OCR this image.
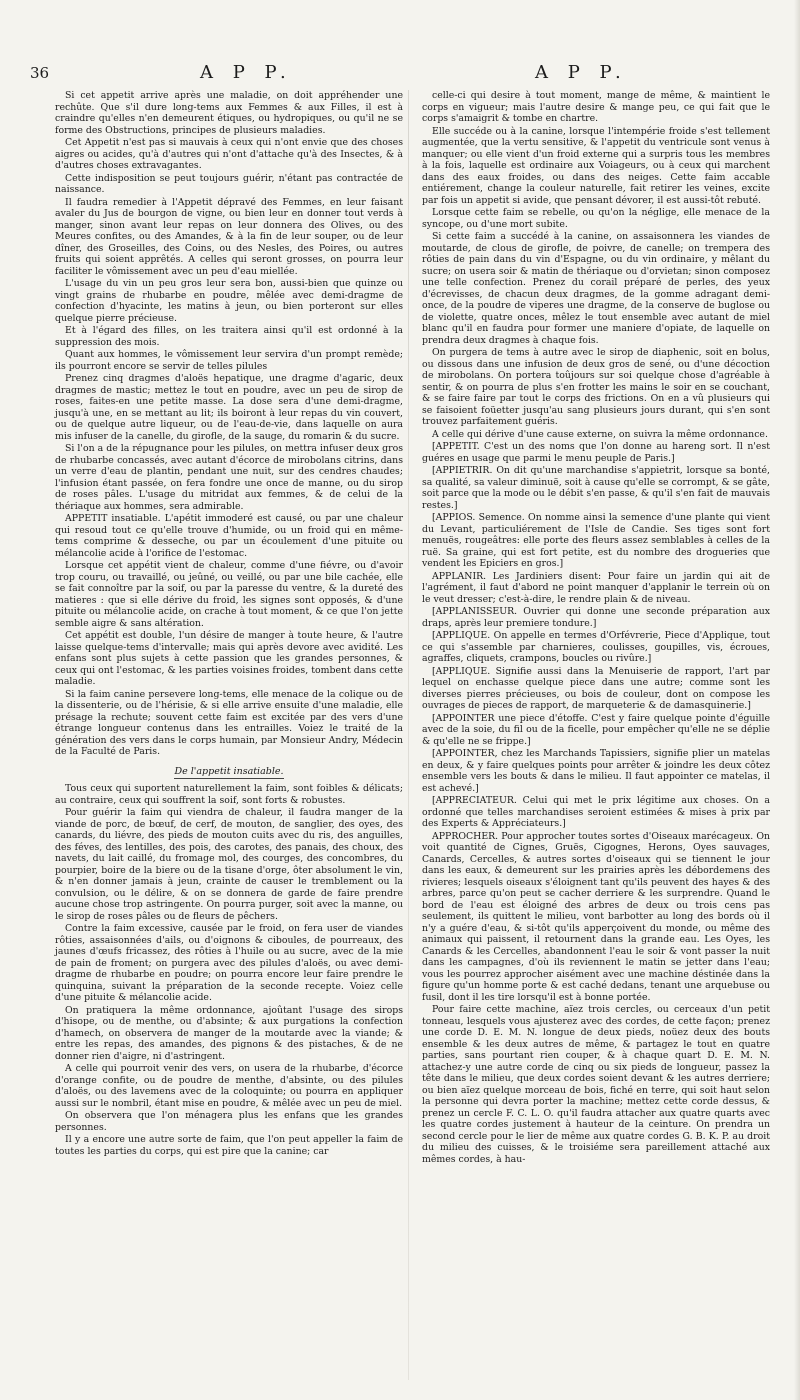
36	A P P.	A P P.

Si cet appetit arrive après une maladie, on doit appréhender une rechûte. Que s'il dure long-tems aux Femmes & aux Filles, il est à craindre qu'elles n'en demeurent étiques, ou hydropiques, ou qu'il ne se forme des Obstructions, principes de plusieurs maladies.

Cet Appetit n'est pas si mauvais à ceux qui n'ont envie que des choses aigres ou acides, qu'à d'autres qui n'ont d'attache qu'à des Insectes, & à d'autres choses extravagantes.

Cette indisposition se peut toujours guérir, n'étant pas contractée de naissance.

Il faudra remedier à l'Appetit dépravé des Femmes, en leur faisant avaler du Jus de bourgon de vigne, ou bien leur en donner tout verds à manger, sinon avant leur repas on leur donnera des Olives, ou des Meures confites, ou des Amandes, & à la fin de leur souper, ou de leur dîner, des Groseilles, des Coins, ou des Nesles, des Poires, ou autres fruits qui soient apprêtés. A celles qui seront grosses, on pourra leur faciliter le vômissement avec un peu d'eau miellée.

L'usage du vin un peu gros leur sera bon, aussi-bien que quinze ou vingt grains de rhubarbe en poudre, mêlée avec demi-dragme de confection d'hyacinte, les matins à jeun, ou bien porteront sur elles quelque pierre précieuse.

Et à l'égard des filles, on les traitera ainsi qu'il est ordonné à la suppression des mois.

Quant aux hommes, le vômissement leur servira d'un prompt remède; ils pourront encore se servir de telles pilules

Prenez cinq dragmes d'aloës hepatique, une dragme d'agaric, deux dragmes de mastic; mettez le tout en poudre, avec un peu de sirop de roses, faites-en une petite masse. La dose sera d'une demi-dragme, jusqu'à une, en se mettant au lit; ils boiront à leur repas du vin couvert, ou de quelque autre liqueur, ou de l'eau-de-vie, dans laquelle on aura mis infuser de la canelle, du girofle, de la sauge, du romarin & du sucre.

Si l'on a de la répugnance pour les pilules, on mettra infuser deux gros de rhubarbe concassés, avec autant d'écorce de mirobolans citrins, dans un verre d'eau de plantin, pendant une nuit, sur des cendres chaudes; l'infusion étant passée, on fera fondre une once de manne, ou du sirop de roses pâles. L'usage du mitridat aux femmes, & de celui de la thériaque aux hommes, sera admirable.

APPETIT insatiable. L'apétit immoderé est causé, ou par une chaleur qui resoud tout ce qu'elle trouve d'humide, ou un froid qui en même-tems comprime & desseche, ou par un écoulement d'une pituite ou mélancolie acide à l'orifice de l'estomac.

Lorsque cet appétit vient de chaleur, comme d'une fiévre, ou d'avoir trop couru, ou travaillé, ou jeûné, ou veillé, ou par une bile cachée, elle se fait connoître par la soif, ou par la paresse du ventre, & la dureté des matieres : que si elle dérive du froid, les signes sont opposés, & d'une pituite ou mélancolie acide, on crache à tout moment, & ce que l'on jette semble aigre & sans altération.

Cet appétit est double, l'un désire de manger à toute heure, & l'autre laisse quelque-tems d'intervalle; mais qui après devore avec avidité. Les enfans sont plus sujets à cette passion que les grandes personnes, & ceux qui ont l'estomac, & les parties voisines froides, tombent dans cette maladie.

Si la faim canine perseverе long-tems, elle menace de la colique ou de la dissenterie, ou de l'hérisie, & si elle arrive ensuite d'une maladie, elle présage la rechute; souvent cette faim est excitée par des vers d'une étrange longueur contenus dans les entrailles. Voiez le traité de la génération des vers dans le corps humain, par Monsieur Andry, Médecin de la Faculté de Paris.

De l'appetit insatiable.

Tous ceux qui suportent naturellement la faim, sont foibles & délicats; au contraire, ceux qui souffrent la soif, sont forts & robustes.

Pour guérir la faim qui viendra de chaleur, il faudra manger de la viande de porc, de bœuf, de cerf, de mouton, de sanglier, des oyes, des canards, du liévre, des pieds de mouton cuits avec du ris, des anguilles, des féves, des lentilles, des pois, des carotes, des panais, des choux, des navets, du lait caillé, du fromage mol, des courges, des concombres, du pourpier, boire de la biere ou de la tisane d'orge, ôter absolument le vin, & n'en donner jamais à jeun, crainte de causer le tremblement ou la convulsion, ou le délire, & on se donnera de garde de faire prendre aucune chose trop astringente. On pourra purger, soit avec la manne, ou le sirop de roses pâles ou de fleurs de pêchers.

Contre la faim excessive, causée par le froid, on fera user de viandes rôties, assaisonnées d'ails, ou d'oignons & ciboules, de pourreaux, des jaunes d'œufs fricassez, des rôties à l'huile ou au sucre, avec de la mie de pain de froment; on purgera avec des pilules d'aloës, ou avec demi-dragme de rhubarbe en poudre; on pourra encore leur faire prendre le quinquina, suivant la préparation de la seconde recepte. Voiez celle d'une pituite & mélancolie acide.

On pratiquera la même ordonnance, ajoûtant l'usage des sirops d'hisope, ou de menthe, ou d'absinte; & aux purgations la confection d'hamech, on observera de manger de la moutarde avec la viande; & entre les repas, des amandes, des pignons & des pistaches, & de ne donner rien d'aigre, ni d'astringent.

A celle qui pourroit venir des vers, on usera de la rhubarbe, d'écorce d'orange confite, ou de poudre de menthe, d'absinte, ou des pilules d'aloës, ou des lavemens avec de la coloquinte; ou pourra en appliquer aussi sur le nombril, étant mise en poudre, & mêlée avec un peu de miel.

On observera que l'on ménagera plus les enfans que les grandes personnes.

Il y a encore une autre sorte de faim, que l'on peut appeller la faim de toutes les parties du corps, qui est pire que la canine; car

celle-ci qui desire à tout moment, mange de même, & maintient le corps en vigueur; mais l'autre desire & mange peu, ce qui fait que le corps s'amaigrit & tombe en chartre.

Elle succéde ou à la canine, lorsque l'intempérie froide s'est tellement augmentée, que la vertu sensitive, & l'appetit du ventricule sont venus à manquer; ou elle vient d'un froid externe qui a surpris tous les membres à la fois, laquelle est ordinaire aux Voiageurs, ou à ceux qui marchent dans des eaux froides, ou dans des neiges. Cette faim accable entiérement, change la couleur naturelle, fait retirer les veines, excite par fois un appetit si avide, que pensant dévorer, il est aussi-tôt rebuté.

Lorsque cette faim se rebelle, ou qu'on la néglige, elle menace de la syncope, ou d'une mort subite.

Si cette faim a succédé à la canine, on assaisonnera les viandes de moutarde, de clous de girofle, de poivre, de canelle; on trempera des rôties de pain dans du vin d'Espagne, ou du vin ordinaire, y mêlant du sucre; on usera soir & matin de thériaque ou d'orvietan; sinon composez une telle confection. Prenez du corail préparé de perles, des yeux d'écrevisses, de chacun deux dragmes, de la gomme adragant demi-once, de la poudre de viperes une dragme, de la conserve de buglose ou de violette, quatre onces, mêlez le tout ensemble avec autant de miel blanc qu'il en faudra pour former une maniere d'opiate, de laquelle on prendra deux dragmes à chaque fois.

On purgera de tems à autre avec le sirop de diaphenic, soit en bolus, ou dissous dans une infusion de deux gros de sené, ou d'une décoction de mirobolans. On portera toûjours sur soi quelque chose d'agréable à sentir, & on pourra de plus s'en frotter les mains le soir en se couchant, & se faire faire par tout le corps des frictions. On en a vû plusieurs qui se faisoient foüetter jusqu'au sang plusieurs jours durant, qui s'en sont trouvez parfaitement guéris.

A celle qui dérive d'une cause externe, on suivra la même ordonnance.

[APPETIT. C'est un des noms que l'on donne au hareng sort. Il n'est guéres en usage que parmi le menu peuple de Paris.]

[APPIETRIR. On dit qu'une marchandise s'appietrit, lorsque sa bonté, sa qualité, sa valeur diminuë, soit à cause qu'elle se corrompt, & se gâte, soit parce que la mode ou le débit s'en passe, & qu'il s'en fait de mauvais restes.]

[APPIOS. Semence. On nomme ainsi la semence d'une plante qui vient du Levant, particuliérement de l'Isle de Candie. Ses tiges sont fort menuës, rougeâtres: elle porte des fleurs assez semblables à celles de la ruë. Sa graine, qui est fort petite, est du nombre des drogueries que vendent les Epiciers en gros.]

APPLANIR. Les Jardiniers disent: Pour faire un jardin qui ait de l'agrément, il faut d'abord ne point manquer d'applanir le terrein où on le veut dresser; c'est-à-dire, le rendre plain & de niveau.

[APPLANISSEUR. Ouvrier qui donne une seconde préparation aux draps, après leur premiere tondure.]

[APPLIQUE. On appelle en termes d'Orfévrerie, Piece d'Applique, tout ce qui s'assemble par charnieres, coulisses, goupilles, vis, écroues, agraffes, cliquets, crampons, boucles ou rivûre.]

[APPLIQUE. Signifie aussi dans la Menuiserie de rapport, l'art par lequel on enchasse quelque piece dans une autre; comme sont les diverses pierres précieuses, ou bois de couleur, dont on compose les ouvrages de pieces de rapport, de marqueterie & de damasquinerie.]

[APPOINTER une piece d'étoffe. C'est y faire quelque pointe d'éguille avec de la soie, du fil ou de la ficelle, pour empêcher qu'elle ne se déplie & qu'elle ne se frippe.]

[APPOINTER, chez les Marchands Tapissiers, signifie plier un matelas en deux, & y faire quelques points pour arrêter & joindre les deux côtez ensemble vers les bouts & dans le milieu. Il faut appointer ce matelas, il est achevé.]

[APPRECIATEUR. Celui qui met le prix légitime aux choses. On a ordonné que telles marchandises seroient estimées & mises à prix par des Experts & Appréciateurs.]

APPROCHER. Pour approcher toutes sortes d'Oiseaux marécageux. On voit quantité de Cignes, Gruës, Cigognes, Herons, Oyes sauvages, Canards, Cercelles, & autres sortes d'oiseaux qui se tiennent le jour dans les eaux, & demeurent sur les prairies après les débordemens des rivieres; lesquels oiseaux s'éloignent tant qu'ils peuvent des hayes & des arbres, parce qu'on peut se cacher derriere & les surprendre. Quand le bord de l'eau est éloigné des arbres de deux ou trois cens pas seulement, ils quittent le milieu, vont barbotter au long des bords où il n'y a guére d'eau, & si-tôt qu'ils apperçoivent du monde, ou même des animaux qui paissent, il retournent dans la grande eau. Les Oyes, les Canards & les Cercelles, abandonnent l'eau le soir & vont passer la nuit dans les campagnes, d'où ils reviennent le matin se jetter dans l'eau; vous les pourrez approcher aisément avec une machine déstinée dans la figure qu'un homme porte & est caché dedans, tenant une arquebuse ou fusil, dont il les tire lorsqu'il est à bonne portée.

Pour faire cette machine, aïez trois cercles, ou cerceaux d'un petit tonneau, lesquels vous ajusterez avec des cordes, de cette façon; prenez une corde D. E. M. N. longue de deux pieds, noüez deux des bouts ensemble & les deux autres de même, & partagez le tout en quatre parties, sans pourtant rien couper, & à chaque quart D. E. M. N. attachez-y une autre corde de cinq ou six pieds de longueur, passez la tête dans le milieu, que deux cordes soient devant & les autres derriere; ou bien aïez quelque morceau de bois, fiché en terre, qui soit haut selon la personne qui devra porter la machine; mettez cette corde dessus, & prenez un cercle F. C. L. O. qu'il faudra attacher aux quatre quarts avec les quatre cordes justement à hauteur de la ceinture. On prendra un second cercle pour le lier de même aux quatre cordes G. B. K. P. au droit du milieu des cuisses, & le troisiéme sera pareillement attaché aux mêmes cordes, à hau-
